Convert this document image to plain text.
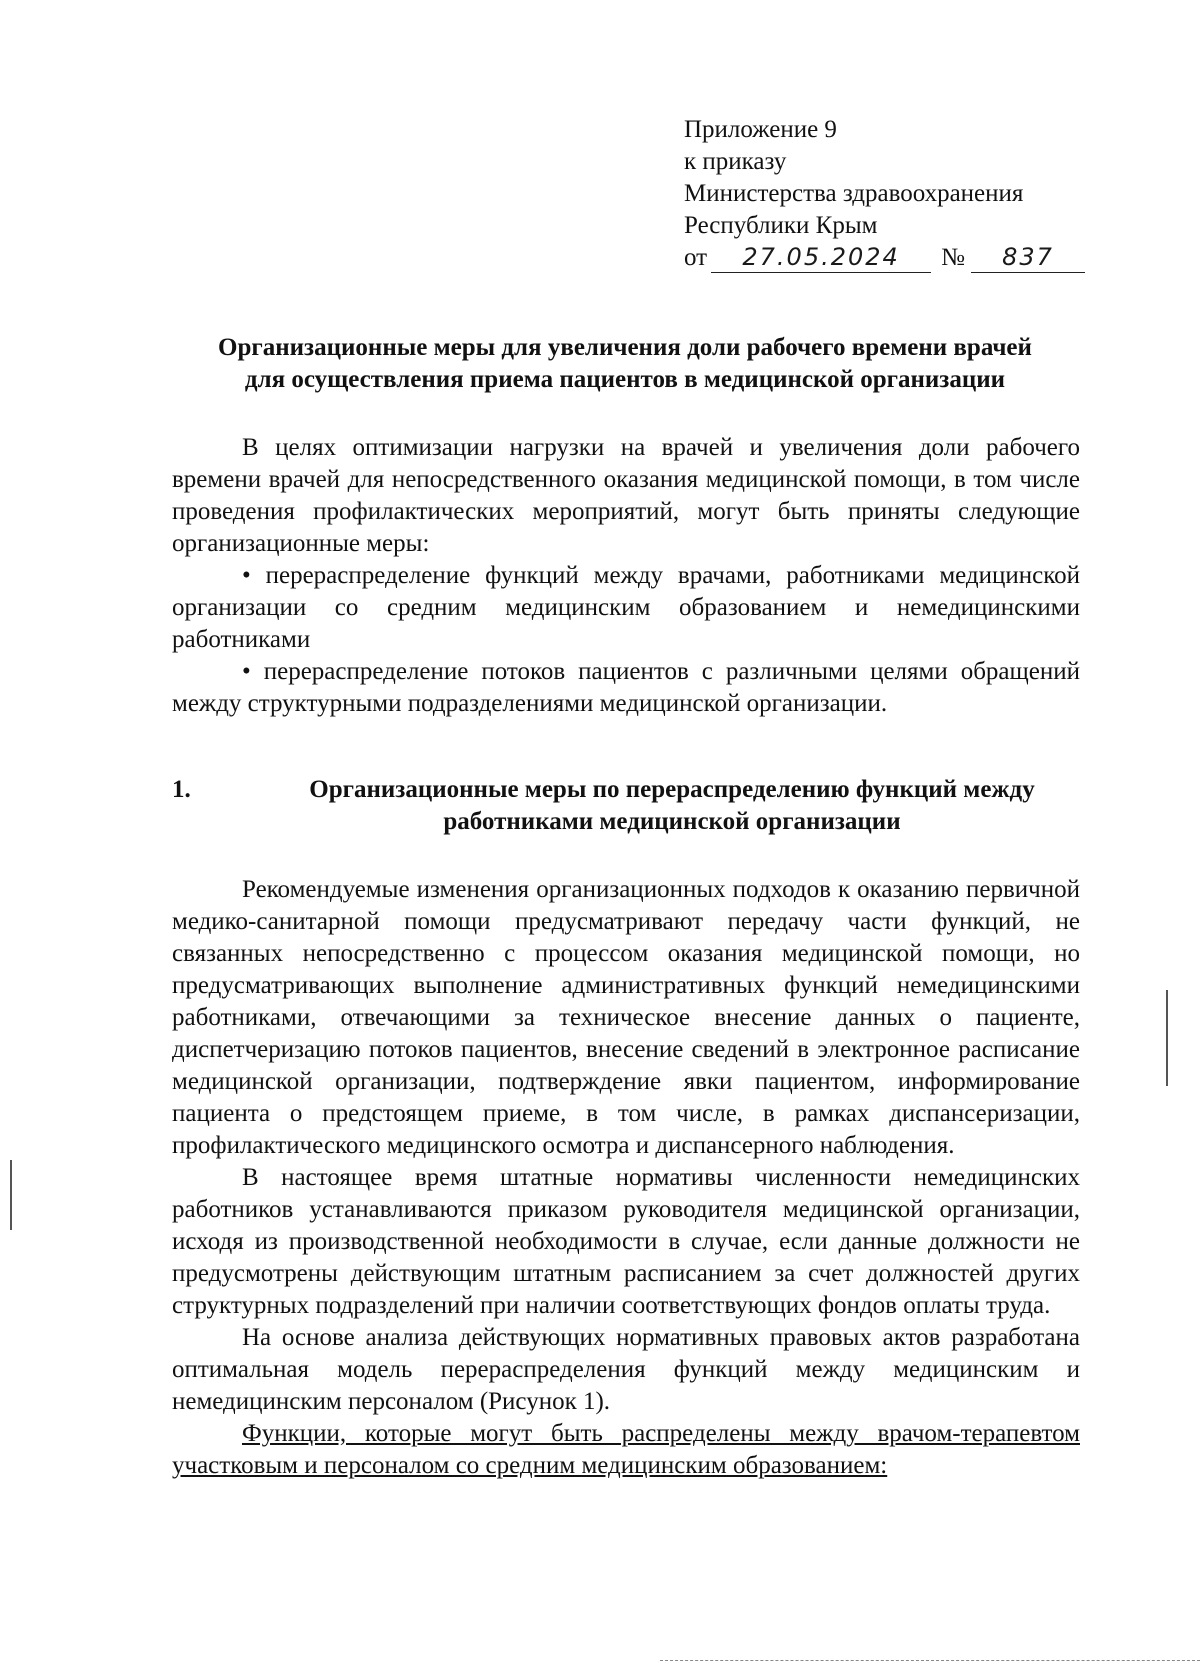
Приложение 9
к приказу
Министерства здравоохранения
Республики Крым
от 27.05.2024 № 837
Организационные меры для увеличения доли рабочего времени врачей
для осуществления приема пациентов в медицинской организации

В целях оптимизации нагрузки на врачей и увеличения доли рабочего времени врачей для непосредственного оказания медицинской помощи, в том числе проведения профилактических мероприятий, могут быть приняты следующие организационные меры:

• перераспределение функций между врачами, работниками медицинской организации со средним медицинским образованием и немедицинскими работниками

• перераспределение потоков пациентов с различными целями обращений между структурными подразделениями медицинской организации.

1.	Организационные меры по перераспределению функций между работниками медицинской организации

Рекомендуемые изменения организационных подходов к оказанию первичной медико-санитарной помощи предусматривают передачу части функций, не связанных непосредственно с процессом оказания медицинской помощи, но предусматривающих выполнение административных функций немедицинскими работниками, отвечающими за техническое внесение данных о пациенте, диспетчеризацию потоков пациентов, внесение сведений в электронное расписание медицинской организации, подтверждение явки пациентом, информирование пациента о предстоящем приеме, в том числе, в рамках диспансеризации, профилактического медицинского осмотра и диспансерного наблюдения.

В настоящее время штатные нормативы численности немедицинских работников устанавливаются приказом руководителя медицинской организации, исходя из производственной необходимости в случае, если данные должности не предусмотрены действующим штатным расписанием за счет должностей других структурных подразделений при наличии соответствующих фондов оплаты труда.

На основе анализа действующих нормативных правовых актов разработана оптимальная модель перераспределения функций между медицинским и немедицинским персоналом (Рисунок 1).

Функции, которые могут быть распределены между врачом-терапевтом участковым и персоналом со средним медицинским образованием:
